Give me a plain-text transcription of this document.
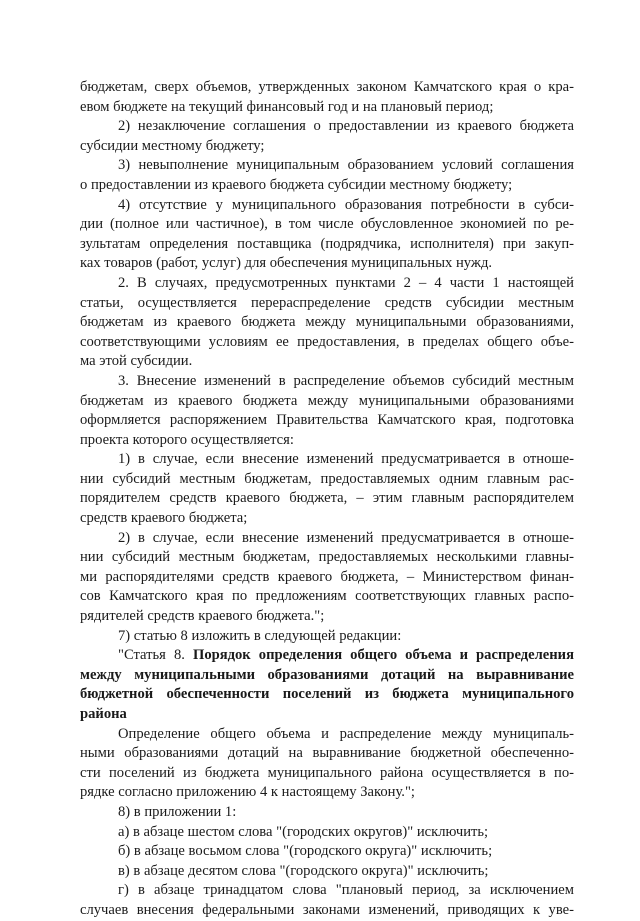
бюджетам, сверх объемов, утвержденных законом Камчатского края о кра-
евом бюджете на текущий финансовый год и на плановый период;
2) незаключение соглашения о предоставлении из краевого бюджета
субсидии местному бюджету;
3) невыполнение муниципальным образованием условий соглашения
о предоставлении из краевого бюджета субсидии местному бюджету;
4) отсутствие у муниципального образования потребности в субси-
дии (полное или частичное), в том числе обусловленное экономией по ре-
зультатам определения поставщика (подрядчика, исполнителя) при закуп-
ках товаров (работ, услуг) для обеспечения муниципальных нужд.
2. В случаях, предусмотренных пунктами 2 – 4 части 1 настоящей
статьи, осуществляется перераспределение средств субсидии местным
бюджетам из краевого бюджета между муниципальными образованиями,
соответствующими условиям ее предоставления, в пределах общего объе-
ма этой субсидии.
3. Внесение изменений в распределение объемов субсидий местным
бюджетам из краевого бюджета между муниципальными образованиями
оформляется распоряжением Правительства Камчатского края, подготовка
проекта которого осуществляется:
1) в случае, если внесение изменений предусматривается в отноше-
нии субсидий местным бюджетам, предоставляемых одним главным рас-
порядителем средств краевого бюджета, – этим главным распорядителем
средств краевого бюджета;
2) в случае, если внесение изменений предусматривается в отноше-
нии субсидий местным бюджетам, предоставляемых несколькими главны-
ми распорядителями средств краевого бюджета, – Министерством финан-
сов Камчатского края по предложениям соответствующих главных распо-
рядителей средств краевого бюджета.";
7) статью 8 изложить в следующей редакции:
"Статья 8. Порядок определения общего объема и распределения
между муниципальными образованиями дотаций на выравнивание
бюджетной обеспеченности поселений из бюджета муниципального
района
Определение общего объема и распределение между муниципаль-
ными образованиями дотаций на выравнивание бюджетной обеспеченно-
сти поселений из бюджета муниципального района осуществляется в по-
рядке согласно приложению 4 к настоящему Закону.";
8) в приложении 1:
а) в абзаце шестом слова "(городских округов)" исключить;
б) в абзаце восьмом слова "(городского округа)" исключить;
в) в абзаце десятом слова "(городского округа)" исключить;
г) в абзаце тринадцатом слова "плановый период, за исключением
случаев внесения федеральными законами изменений, приводящих к уве-
